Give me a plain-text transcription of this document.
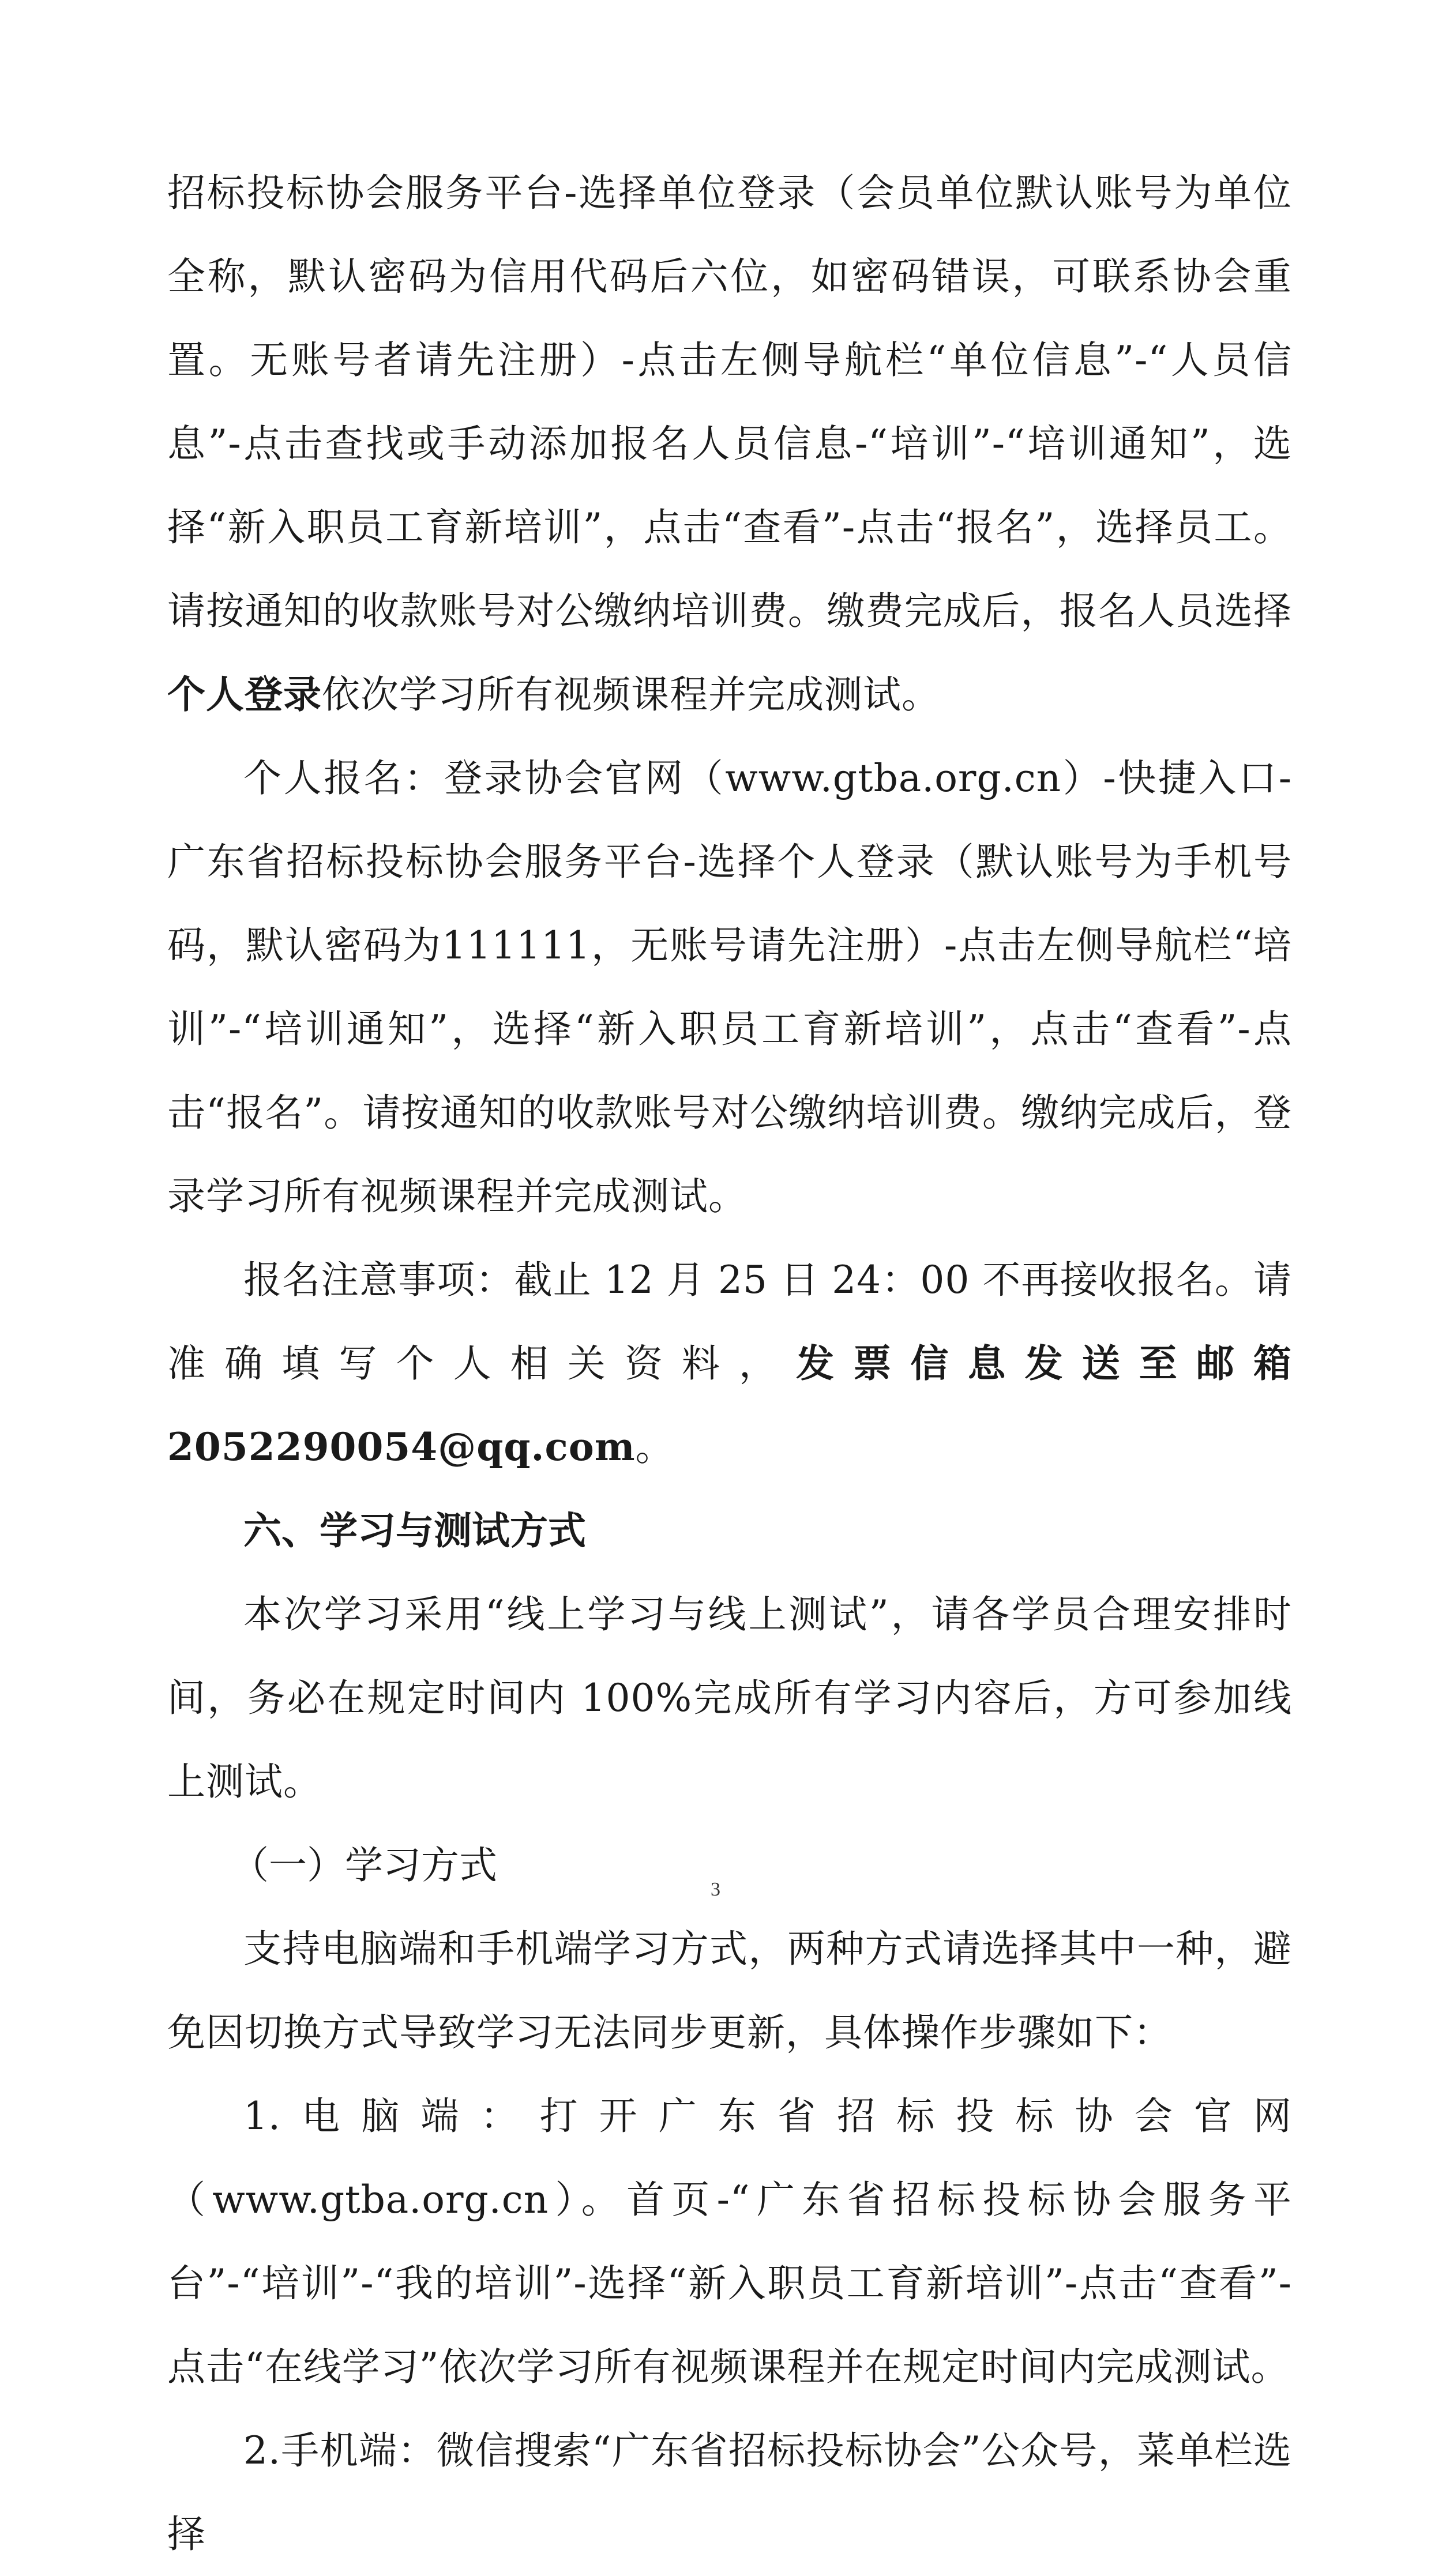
招标投标协会服务平台-选择单位登录（会员单位默认账号为单位全称，默认密码为信用代码后六位，如密码错误，可联系协会重置。无账号者请先注册）-点击左侧导航栏“单位信息”-“人员信息”-点击查找或手动添加报名人员信息-“培训”-“培训通知”，选择“新入职员工育新培训”，点击“查看”-点击“报名”，选择员工。请按通知的收款账号对公缴纳培训费。缴费完成后，报名人员选择个人登录依次学习所有视频课程并完成测试。

个人报名：登录协会官网（www.gtba.org.cn）-快捷入口-广东省招标投标协会服务平台-选择个人登录（默认账号为手机号码，默认密码为111111，无账号请先注册）-点击左侧导航栏“培训”-“培训通知”，选择“新入职员工育新培训”，点击“查看”-点击“报名”。请按通知的收款账号对公缴纳培训费。缴纳完成后，登录学习所有视频课程并完成测试。

报名注意事项：截止 12 月 25 日 24：00 不再接收报名。请准确填写个人相关资料，发票信息发送至邮箱 2052290054@qq.com。

六、学习与测试方式

本次学习采用“线上学习与线上测试”，请各学员合理安排时间，务必在规定时间内 100%完成所有学习内容后，方可参加线上测试。

（一）学习方式

支持电脑端和手机端学习方式，两种方式请选择其中一种，避免因切换方式导致学习无法同步更新，具体操作步骤如下：

1.电脑端：打开广东省招标投标协会官网（www.gtba.org.cn）。首页-“广东省招标投标协会服务平台”-“培训”-“我的培训”-选择“新入职员工育新培训”-点击“查看”-点击“在线学习”依次学习所有视频课程并在规定时间内完成测试。

2.手机端：微信搜索“广东省招标投标协会”公众号，菜单栏选择

3
